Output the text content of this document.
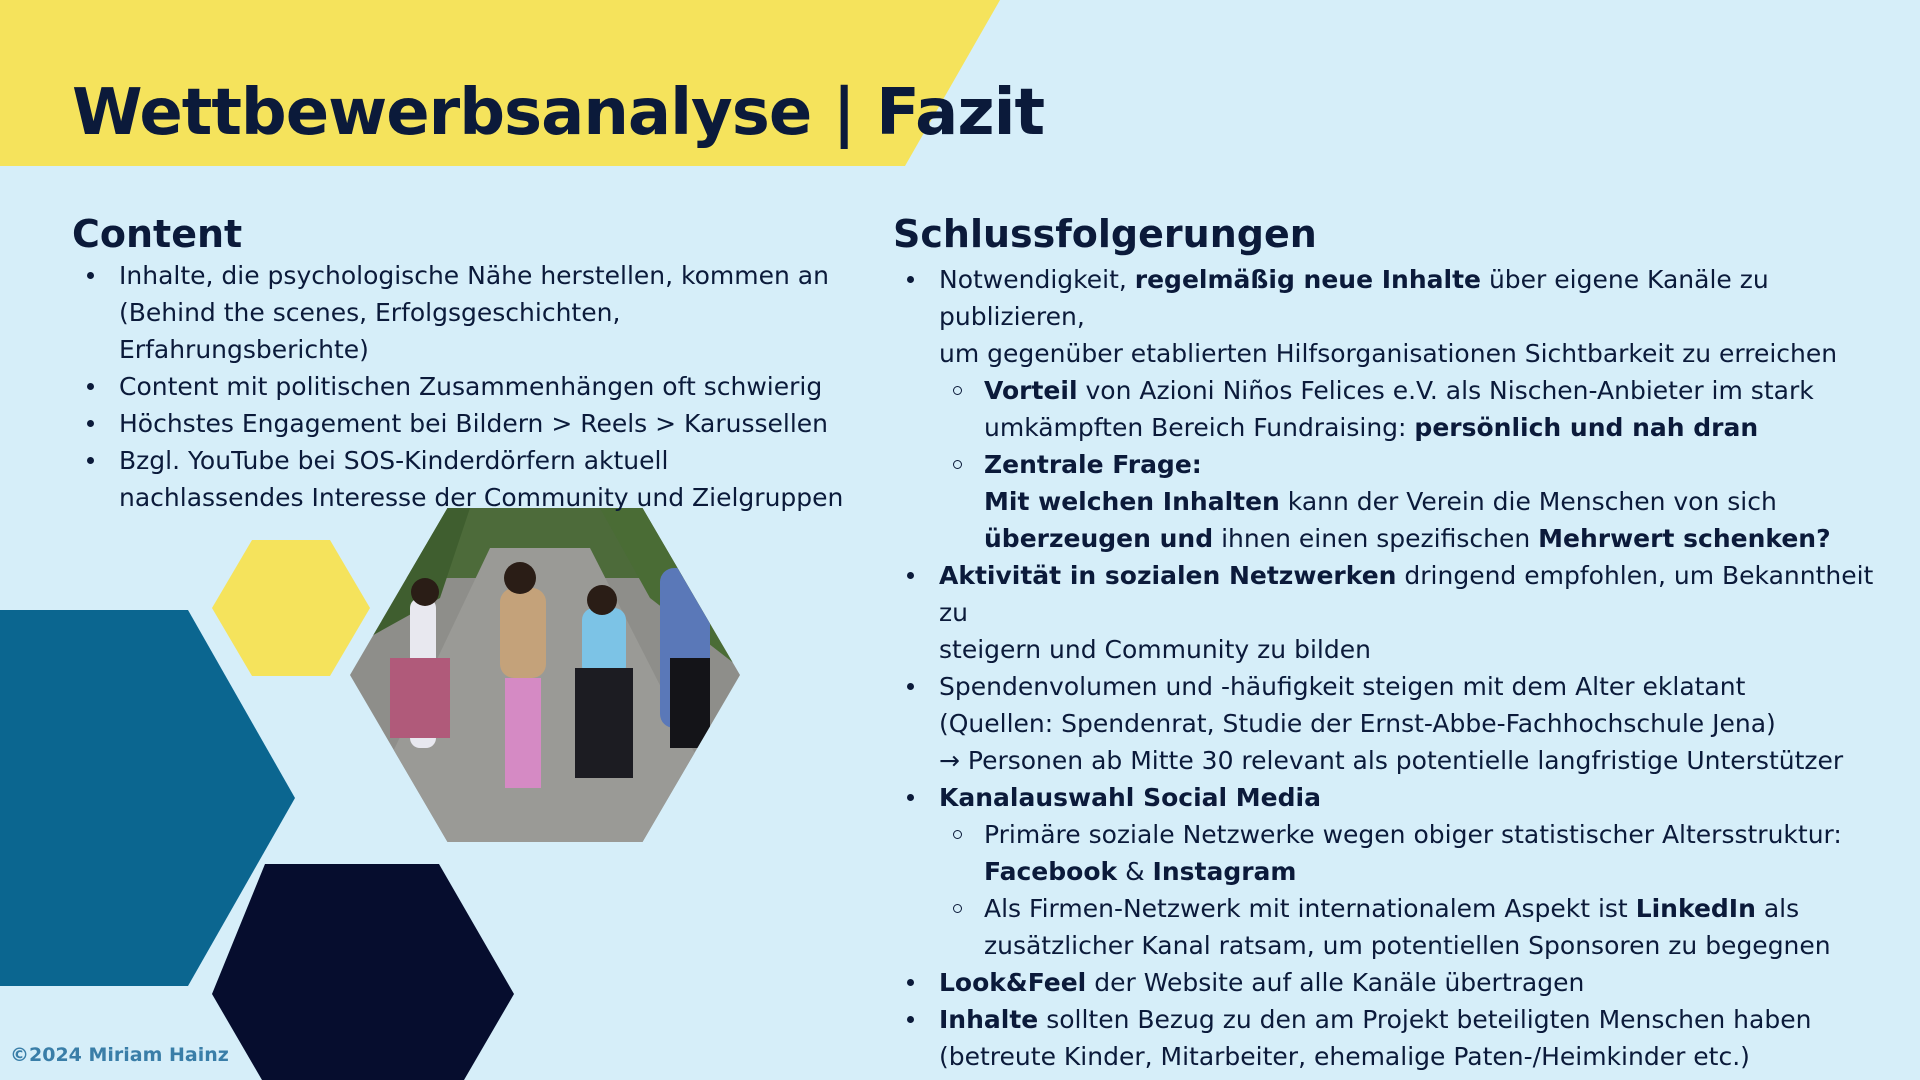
Wettbewerbsanalyse | Fazit
Content
Inhalte, die psychologische Nähe herstellen, kommen an
(Behind the scenes, Erfolgsgeschichten, Erfahrungsberichte)
Content mit politischen Zusammenhängen oft schwierig
Höchstes Engagement bei Bildern > Reels > Karussellen
Bzgl. YouTube bei SOS-Kinderdörfern aktuell
nachlassendes Interesse der Community und Zielgruppen
Schlussfolgerungen
Notwendigkeit, regelmäßig neue Inhalte über eigene Kanäle zu publizieren,
um gegenüber etablierten Hilfsorganisationen Sichtbarkeit zu erreichen
Vorteil von Azioni Niños Felices e.V. als Nischen-Anbieter im stark
umkämpften Bereich Fundraising: persönlich und nah dran
Zentrale Frage:
Mit welchen Inhalten kann der Verein die Menschen von sich
überzeugen und ihnen einen spezifischen Mehrwert schenken?
Aktivität in sozialen Netzwerken dringend empfohlen, um Bekanntheit zu
steigern und Community zu bilden
Spendenvolumen und -häufigkeit steigen mit dem Alter eklatant
(Quellen: Spendenrat, Studie der Ernst-Abbe-Fachhochschule Jena)
→ Personen ab Mitte 30 relevant als potentielle langfristige Unterstützer
Kanalauswahl Social Media
Primäre soziale Netzwerke wegen obiger statistischer Altersstruktur:
Facebook & Instagram
Als Firmen-Netzwerk mit internationalem Aspekt ist LinkedIn als
zusätzlicher Kanal ratsam, um potentiellen Sponsoren zu begegnen
Look&Feel der Website auf alle Kanäle übertragen
Inhalte sollten Bezug zu den am Projekt beteiligten Menschen haben
(betreute Kinder, Mitarbeiter, ehemalige Paten-/Heimkinder etc.)
©2024 Miriam Hainz
